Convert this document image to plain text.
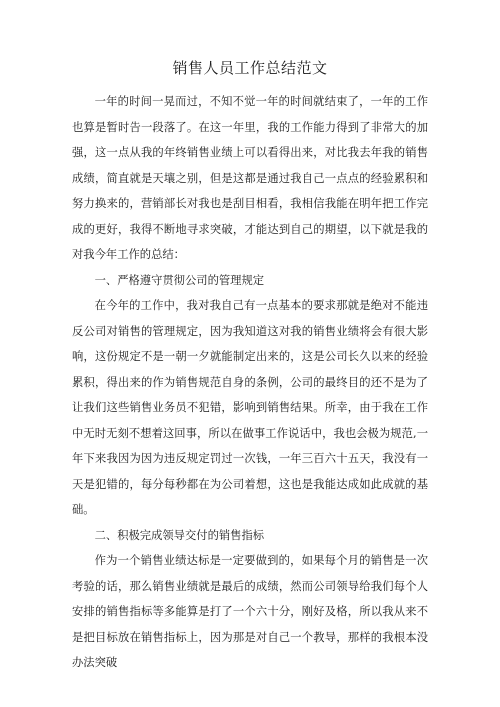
销售人员工作总结范文

一年的时间一晃而过，不知不觉一年的时间就结束了，一年的工作也算是暂时告一段落了。在这一年里，我的工作能力得到了非常大的加强，这一点从我的年终销售业绩上可以看得出来，对比我去年我的销售成绩，简直就是天壤之别，但是这都是通过我自己一点点的经验累积和努力换来的，营销部长对我也是刮目相看，我相信我能在明年把工作完成的更好，我得不断地寻求突破，才能达到自己的期望，以下就是我的对我今年工作的总结：

一、严格遵守贯彻公司的管理规定

在今年的工作中，我对我自己有一点基本的要求那就是绝对不能违反公司对销售的管理规定，因为我知道这对我的销售业绩将会有很大影响，这份规定不是一朝一夕就能制定出来的，这是公司长久以来的经验累积，得出来的作为销售规范自身的条例，公司的最终目的还不是为了让我们这些销售业务员不犯错，影响到销售结果。所幸，由于我在工作中无时无刻不想着这回事，所以在做事工作说话中，我也会极为规范,一年下来我因为因为违反规定罚过一次钱，一年三百六十五天，我没有一天是犯错的，每分每秒都在为公司着想，这也是我能达成如此成就的基础。

二、积极完成领导交付的销售指标

作为一个销售业绩达标是一定要做到的，如果每个月的销售是一次考验的话，那么销售业绩就是最后的成绩，然而公司领导给我们每个人安排的销售指标等多能算是打了一个六十分，刚好及格，所以我从来不是把目标放在销售指标上，因为那是对自己一个教导，那样的我根本没办法突破
